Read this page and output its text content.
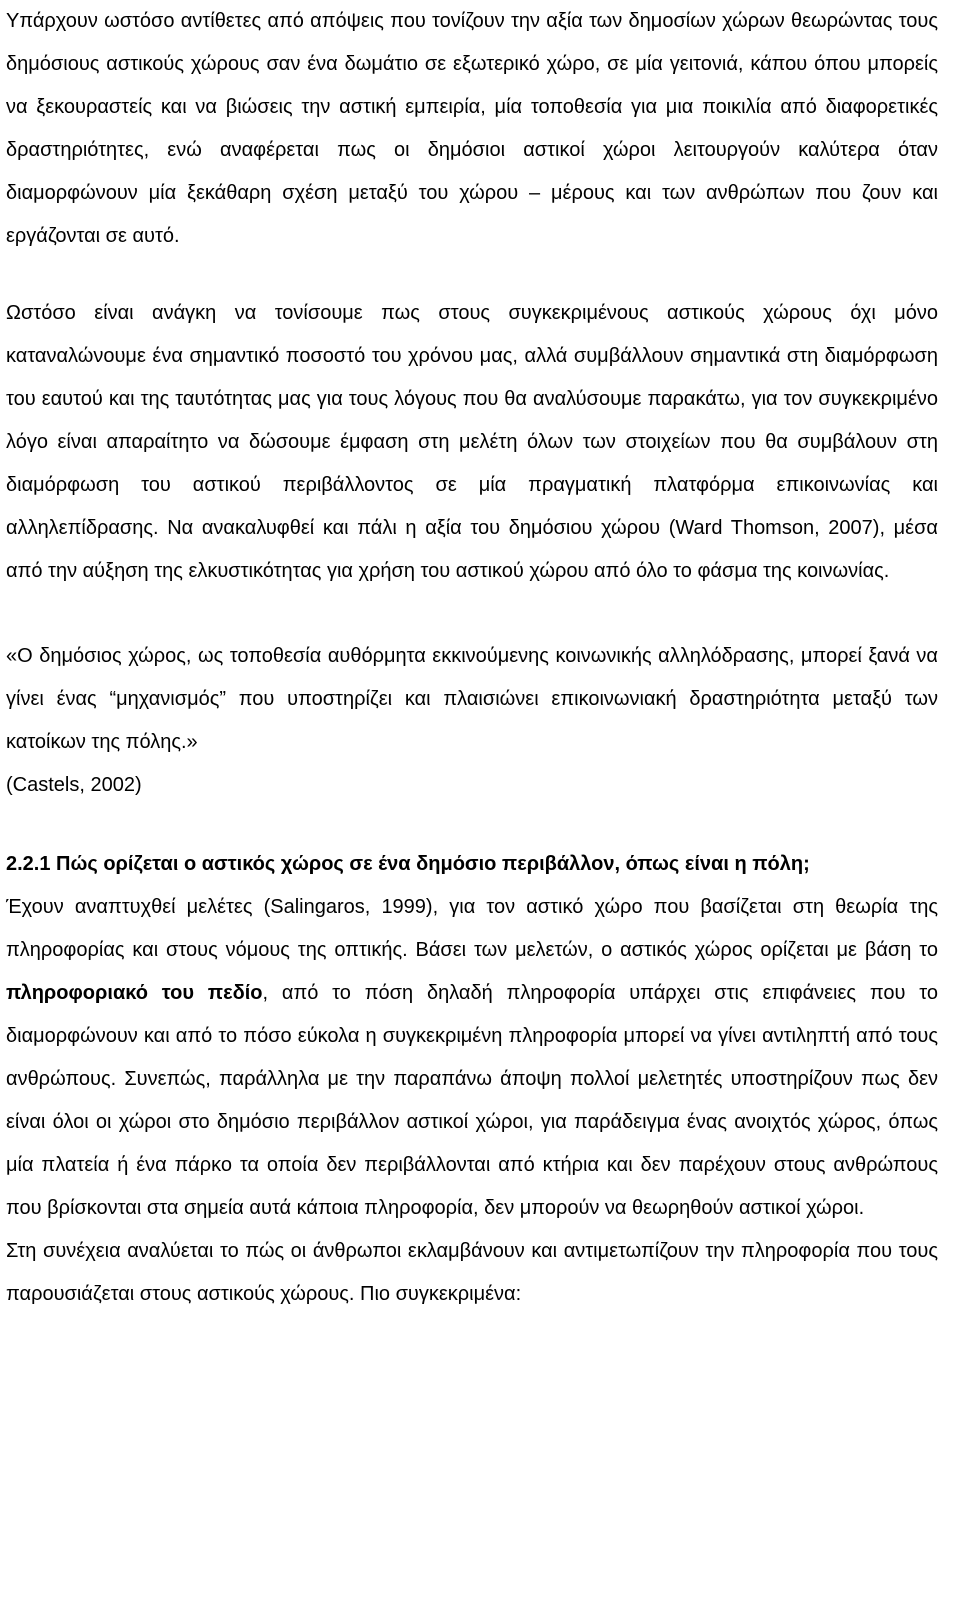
Υπάρχουν ωστόσο αντίθετες από απόψεις που τονίζουν την αξία των δημοσίων χώρων θεωρώντας τους δημόσιους αστικούς χώρους σαν ένα δωμάτιο σε εξωτερικό χώρο, σε μία γειτονιά, κάπου όπου μπορείς να ξεκουραστείς και να βιώσεις την αστική εμπειρία, μία τοποθεσία για μια ποικιλία από διαφορετικές δραστηριότητες, ενώ αναφέρεται πως οι δημόσιοι αστικοί χώροι λειτουργούν καλύτερα όταν διαμορφώνουν μία ξεκάθαρη σχέση μεταξύ του χώρου – μέρους και των ανθρώπων που ζουν και εργάζονται σε αυτό.

Ωστόσο είναι ανάγκη να τονίσουμε πως στους συγκεκριμένους αστικούς χώρους όχι μόνο καταναλώνουμε ένα σημαντικό ποσοστό του χρόνου μας, αλλά συμβάλλουν σημαντικά στη διαμόρφωση του εαυτού και της ταυτότητας μας για τους λόγους που θα αναλύσουμε παρακάτω, για τον συγκεκριμένο λόγο είναι απαραίτητο να δώσουμε έμφαση στη μελέτη όλων των στοιχείων που θα συμβάλουν στη διαμόρφωση του αστικού περιβάλλοντος σε μία πραγματική πλατφόρμα επικοινωνίας και αλληλεπίδρασης. Να ανακαλυφθεί και πάλι η αξία του δημόσιου χώρου (Ward Thomson, 2007), μέσα από την αύξηση της ελκυστικότητας για χρήση του αστικού χώρου από όλο το φάσμα της κοινωνίας.

«Ο δημόσιος χώρος, ως τοποθεσία αυθόρμητα εκκινούμενης κοινωνικής αλληλόδρασης, μπορεί ξανά να γίνει ένας “μηχανισμός” που υποστηρίζει και πλαισιώνει επικοινωνιακή δραστηριότητα μεταξύ των κατοίκων της πόλης.»
(Castels, 2002)

2.2.1 Πώς ορίζεται ο αστικός χώρος σε ένα δημόσιο περιβάλλον, όπως είναι η πόλη;

Έχουν αναπτυχθεί μελέτες (Salingaros, 1999), για τον αστικό χώρο που βασίζεται στη θεωρία της πληροφορίας και στους νόμους της οπτικής. Βάσει των μελετών, ο αστικός χώρος ορίζεται με βάση το πληροφοριακό του πεδίο, από το πόση δηλαδή πληροφορία υπάρχει στις επιφάνειες που το διαμορφώνουν και από το πόσο εύκολα η συγκεκριμένη πληροφορία μπορεί να γίνει αντιληπτή από τους ανθρώπους. Συνεπώς, παράλληλα με την παραπάνω άποψη πολλοί μελετητές υποστηρίζουν πως δεν είναι όλοι οι χώροι στο δημόσιο περιβάλλον αστικοί χώροι, για παράδειγμα ένας ανοιχτός χώρος, όπως μία πλατεία ή ένα πάρκο τα οποία δεν περιβάλλονται από κτήρια και δεν παρέχουν στους ανθρώπους που βρίσκονται στα σημεία αυτά κάποια πληροφορία, δεν μπορούν να θεωρηθούν αστικοί χώροι.

Στη συνέχεια αναλύεται το πώς οι άνθρωποι εκλαμβάνουν και αντιμετωπίζουν την πληροφορία που τους παρουσιάζεται στους αστικούς χώρους. Πιο συγκεκριμένα:
